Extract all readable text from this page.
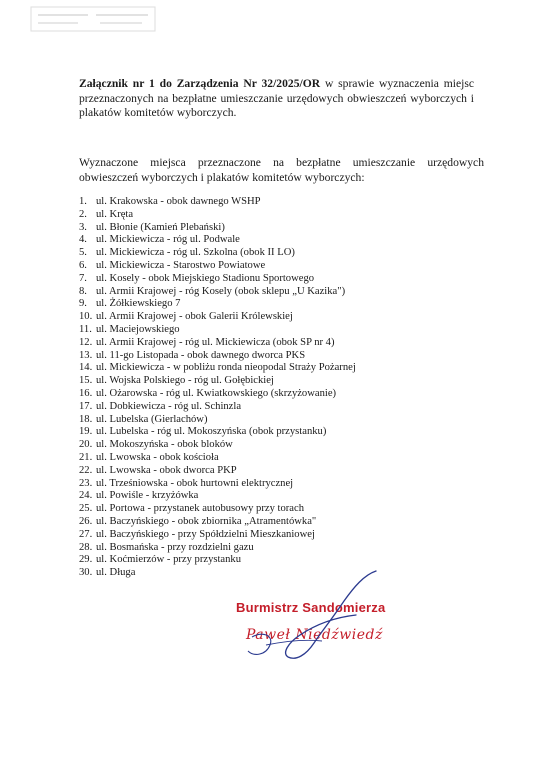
Załącznik nr 1 do Zarządzenia Nr 32/2025/OR w sprawie wyznaczenia miejsc przeznaczonych na bezpłatne umieszczanie urzędowych obwieszczeń wyborczych i plakatów komitetów wyborczych.

Wyznaczone miejsca przeznaczone na bezpłatne umieszczanie urzędowych obwieszczeń wyborczych i plakatów komitetów wyborczych:

1. ul. Krakowska - obok dawnego WSHP
2. ul. Kręta
3. ul. Błonie (Kamień Plebański)
4. ul. Mickiewicza - róg ul. Podwale
5. ul. Mickiewicza - róg ul. Szkolna (obok II LO)
6. ul. Mickiewicza - Starostwo Powiatowe
7. ul. Kosely - obok Miejskiego Stadionu Sportowego
8. ul. Armii Krajowej - róg Kosely (obok sklepu „U Kazika")
9. ul. Żółkiewskiego 7
10. ul. Armii Krajowej - obok Galerii Królewskiej
11. ul. Maciejowskiego
12. ul. Armii Krajowej - róg ul. Mickiewicza (obok SP nr 4)
13. ul. 11-go Listopada - obok dawnego dworca PKS
14. ul. Mickiewicza - w pobliżu ronda nieopodal Straży Pożarnej
15. ul. Wojska Polskiego - róg ul. Gołębickiej
16. ul. Ożarowska - róg ul. Kwiatkowskiego (skrzyżowanie)
17. ul. Dobkiewicza - róg ul. Schinzla
18. ul. Lubelska (Gierlachów)
19. ul. Lubelska - róg ul. Mokoszyńska (obok przystanku)
20. ul. Mokoszyńska - obok bloków
21. ul. Lwowska - obok kościoła
22. ul. Lwowska - obok dworca PKP
23. ul. Trześniowska - obok hurtowni elektrycznej
24. ul. Powiśle - krzyżówka
25. ul. Portowa - przystanek autobusowy przy torach
26. ul. Baczyńskiego - obok zbiornika „Atramentówka"
27. ul. Baczyńskiego - przy Spółdzielni Mieszkaniowej
28. ul. Bosmańska - przy rozdzielni gazu
29. ul. Koćmierzów - przy przystanku
30. ul. Długa
Burmistrz Sandomierza
Paweł Niedźwiedź
